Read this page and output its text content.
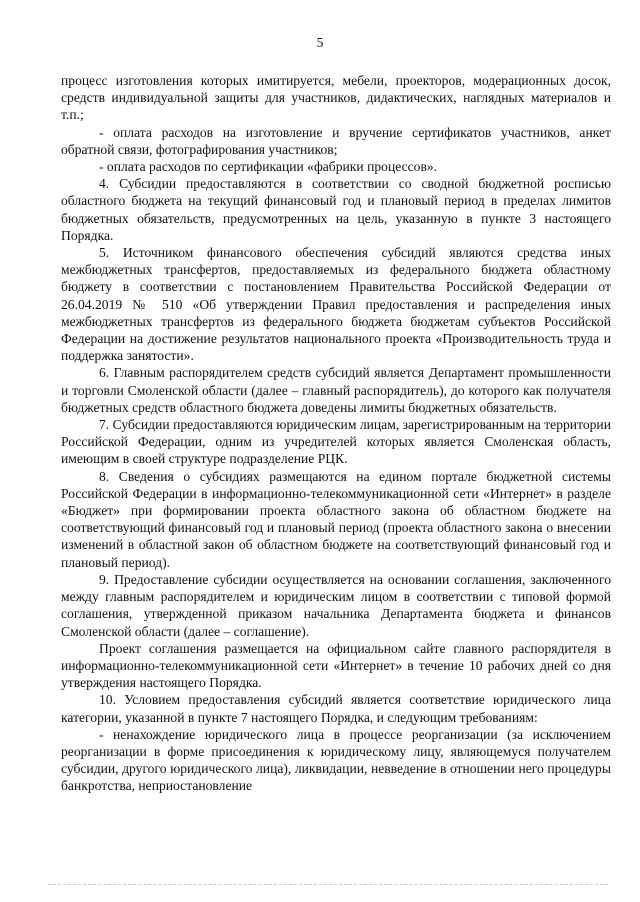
5

процесс изготовления которых имитируется, мебели, проекторов, модерационных досок, средств индивидуальной защиты для участников, дидактических, наглядных материалов и т.п.;

- оплата расходов на изготовление и вручение сертификатов участников, анкет обратной связи, фотографирования участников;

- оплата расходов по сертификации «фабрики процессов».

4. Субсидии предоставляются в соответствии со сводной бюджетной росписью областного бюджета на текущий финансовый год и плановый период в пределах лимитов бюджетных обязательств, предусмотренных на цель, указанную в пункте 3 настоящего Порядка.

5. Источником финансового обеспечения субсидий являются средства иных межбюджетных трансфертов, предоставляемых из федерального бюджета областному бюджету в соответствии с постановлением Правительства Российской Федерации от 26.04.2019 № 510 «Об утверждении Правил предоставления и распределения иных межбюджетных трансфертов из федерального бюджета бюджетам субъектов Российской Федерации на достижение результатов национального проекта «Производительность труда и поддержка занятости».

6. Главным распорядителем средств субсидий является Департамент промышленности и торговли Смоленской области (далее – главный распорядитель), до которого как получателя бюджетных средств областного бюджета доведены лимиты бюджетных обязательств.

7. Субсидии предоставляются юридическим лицам, зарегистрированным на территории Российской Федерации, одним из учредителей которых является Смоленская область, имеющим в своей структуре подразделение РЦК.

8. Сведения о субсидиях размещаются на едином портале бюджетной системы Российской Федерации в информационно-телекоммуникационной сети «Интернет» в разделе «Бюджет» при формировании проекта областного закона об областном бюджете на соответствующий финансовый год и плановый период (проекта областного закона о внесении изменений в областной закон об областном бюджете на соответствующий финансовый год и плановый период).

9. Предоставление субсидии осуществляется на основании соглашения, заключенного между главным распорядителем и юридическим лицом в соответствии с типовой формой соглашения, утвержденной приказом начальника Департамента бюджета и финансов Смоленской области (далее – соглашение).

Проект соглашения размещается на официальном сайте главного распорядителя в информационно-телекоммуникационной сети «Интернет» в течение 10 рабочих дней со дня утверждения настоящего Порядка.

10. Условием предоставления субсидий является соответствие юридического лица категории, указанной в пункте 7 настоящего Порядка, и следующим требованиям:

- ненахождение юридического лица в процессе реорганизации (за исключением реорганизации в форме присоединения к юридическому лицу, являющемуся получателем субсидии, другого юридического лица), ликвидации, невведение в отношении него процедуры банкротства, неприостановление
